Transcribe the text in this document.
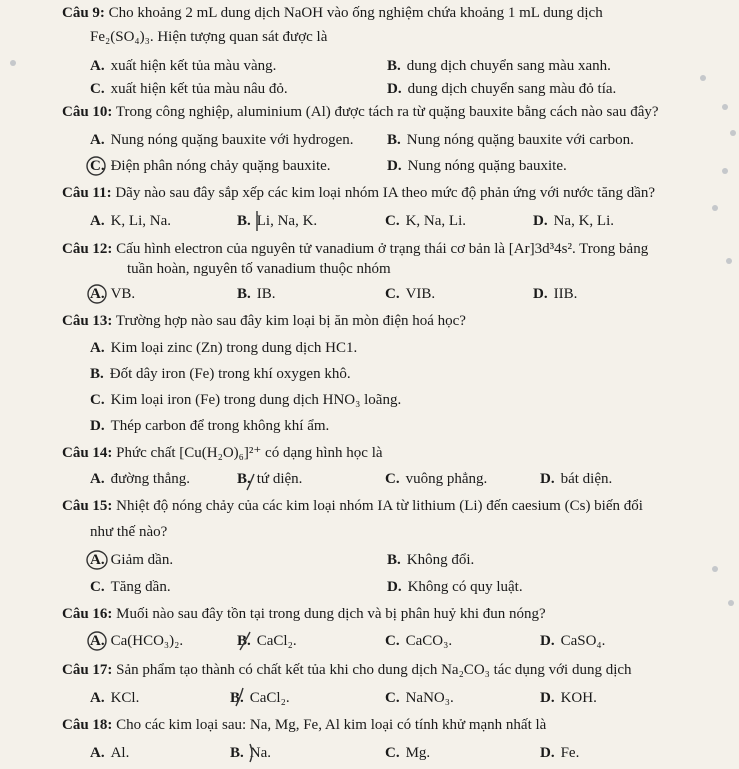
Câu 9: Cho khoảng 2 mL dung dịch NaOH vào ống nghiệm chứa khoảng 1 mL dung dịch
Fe₂(SO₄)₃. Hiện tượng quan sát được là
A. xuất hiện kết tủa màu vàng.	B. dung dịch chuyển sang màu xanh.
C. xuất hiện kết tủa màu nâu đỏ.	D. dung dịch chuyển sang màu đỏ tía.
Câu 10: Trong công nghiệp, aluminium (Al) được tách ra từ quặng bauxite bằng cách nào sau đây?
A. Nung nóng quặng bauxite với hydrogen. B. Nung nóng quặng bauxite với carbon.
C. Điện phân nóng chảy quặng bauxite.	D. Nung nóng quặng bauxite.
Câu 11: Dãy nào sau đây sắp xếp các kim loại nhóm IA theo mức độ phản ứng với nước tăng dần?
A. K, Li, Na.	B. Li, Na, K.	C. K, Na, Li.	D. Na, K, Li.
Câu 12: Cấu hình electron của nguyên tử vanadium ở trạng thái cơ bản là [Ar]3d³4s². Trong bảng
tuần hoàn, nguyên tố vanadium thuộc nhóm
A. VB.	B. IB.	C. VIB.	D. IIB.
Câu 13: Trường hợp nào sau đây kim loại bị ăn mòn điện hoá học?
A. Kim loại zinc (Zn) trong dung dịch HC1.
B. Đốt dây iron (Fe) trong khí oxygen khô.
C. Kim loại iron (Fe) trong dung dịch HNO₃ loãng.
D. Thép carbon để trong không khí ẩm.
Câu 14: Phức chất [Cu(H₂O)₆]²⁺ có dạng hình học là
A. đường thẳng.	B. tứ diện.	C. vuông phẳng.	D. bát diện.
Câu 15: Nhiệt độ nóng chảy của các kim loại nhóm IA từ lithium (Li) đến caesium (Cs) biến đổi
như thế nào?
A. Giảm dần.	B. Không đổi.
C. Tăng dần.	D. Không có quy luật.
Câu 16: Muối nào sau đây tồn tại trong dung dịch và bị phân huỷ khi đun nóng?
A. Ca(HCO₃)₂.	B. CaCl₂.	C. CaCO₃.	D. CaSO₄.
Câu 17: Sản phẩm tạo thành có chất kết tủa khi cho dung dịch Na₂CO₃ tác dụng với dung dịch
A. KCl.	B. CaCl₂.	C. NaNO₃.	D. KOH.
Câu 18: Cho các kim loại sau: Na, Mg, Fe, Al kim loại có tính khử mạnh nhất là
A. Al.	B. Na.	C. Mg.	D. Fe.
